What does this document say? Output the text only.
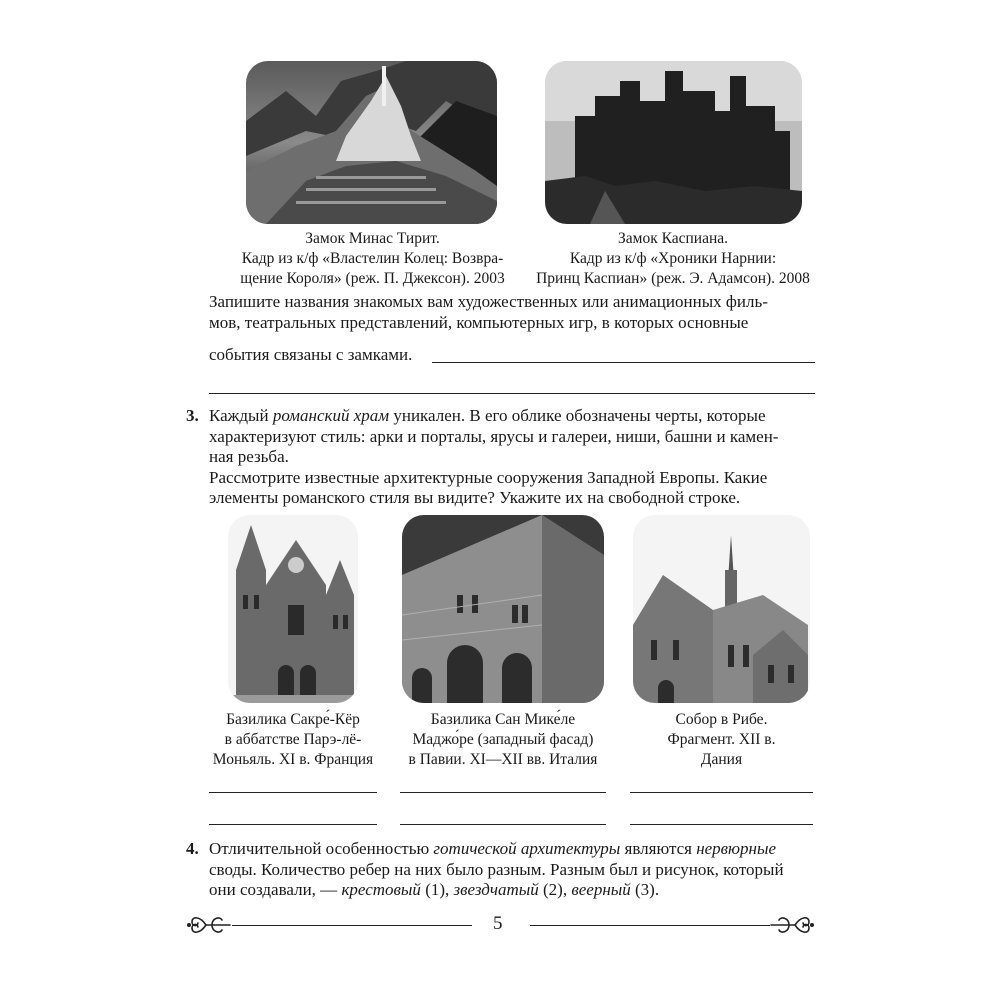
Замок Минас Тирит.
Кадр из к/ф «Властелин Колец: Возвра-
щение Короля» (реж. П. Джексон). 2003
Замок Каспиана.
Кадр из к/ф «Хроники Нарнии:
Принц Каспиан» (реж. Э. Адамсон). 2008
Запишите названия знакомых вам художественных или анимационных филь-
мов, театральных представлений, компьютерных игр, в которых основные
события связаны с замками.
3. Каждый романский храм уникален. В его облике обозначены черты, которые
характеризуют стиль: арки и порталы, ярусы и галереи, ниши, башни и камен-
ная резьба.
Рассмотрите известные архитектурные сооружения Западной Европы. Какие
элементы романского стиля вы видите? Укажите их на свободной строке.
Базилика Сакре́-Кёр
в аббатстве Парэ-лё-
Моньяль. XI в. Франция
Базилика Сан Мике́ле
Маджо́ре (западный фасад)
в Павии. XI—XII вв. Италия
Собор в Рибе.
Фрагмент. XII в.
Дания
4. Отличительной особенностью готической архитектуры являются нервюрные
своды. Количество ребер на них было разным. Разным был и рисунок, который
они создавали, — крестовый (1), звездчатый (2), веерный (3).
5
